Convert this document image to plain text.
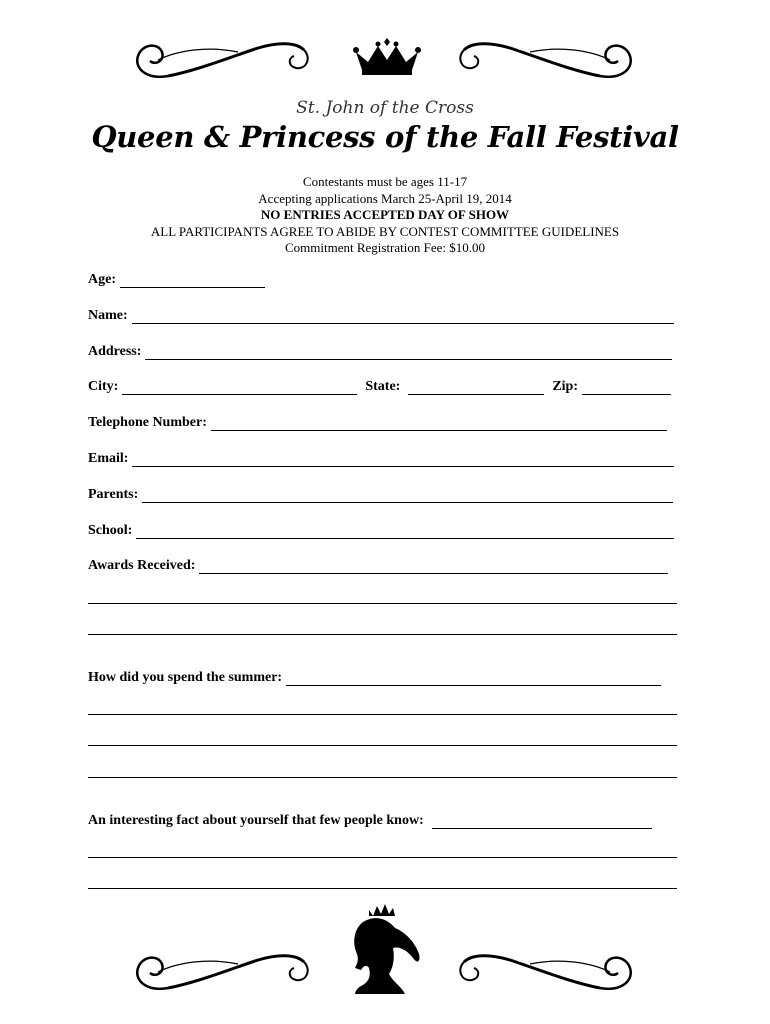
St. John of the Cross
Queen & Princess of the Fall Festival
Contestants must be ages 11-17
Accepting applications March 25-April 19, 2014
NO ENTRIES ACCEPTED DAY OF SHOW
ALL PARTICIPANTS AGREE TO ABIDE BY CONTEST COMMITTEE GUIDELINES
Commitment Registration Fee: $10.00
Age:
Name:
Address:
City:	State:	Zip:
Telephone Number:
Email:
Parents:
School:
Awards Received:
How did you spend the summer:
An interesting fact about yourself that few people know:
